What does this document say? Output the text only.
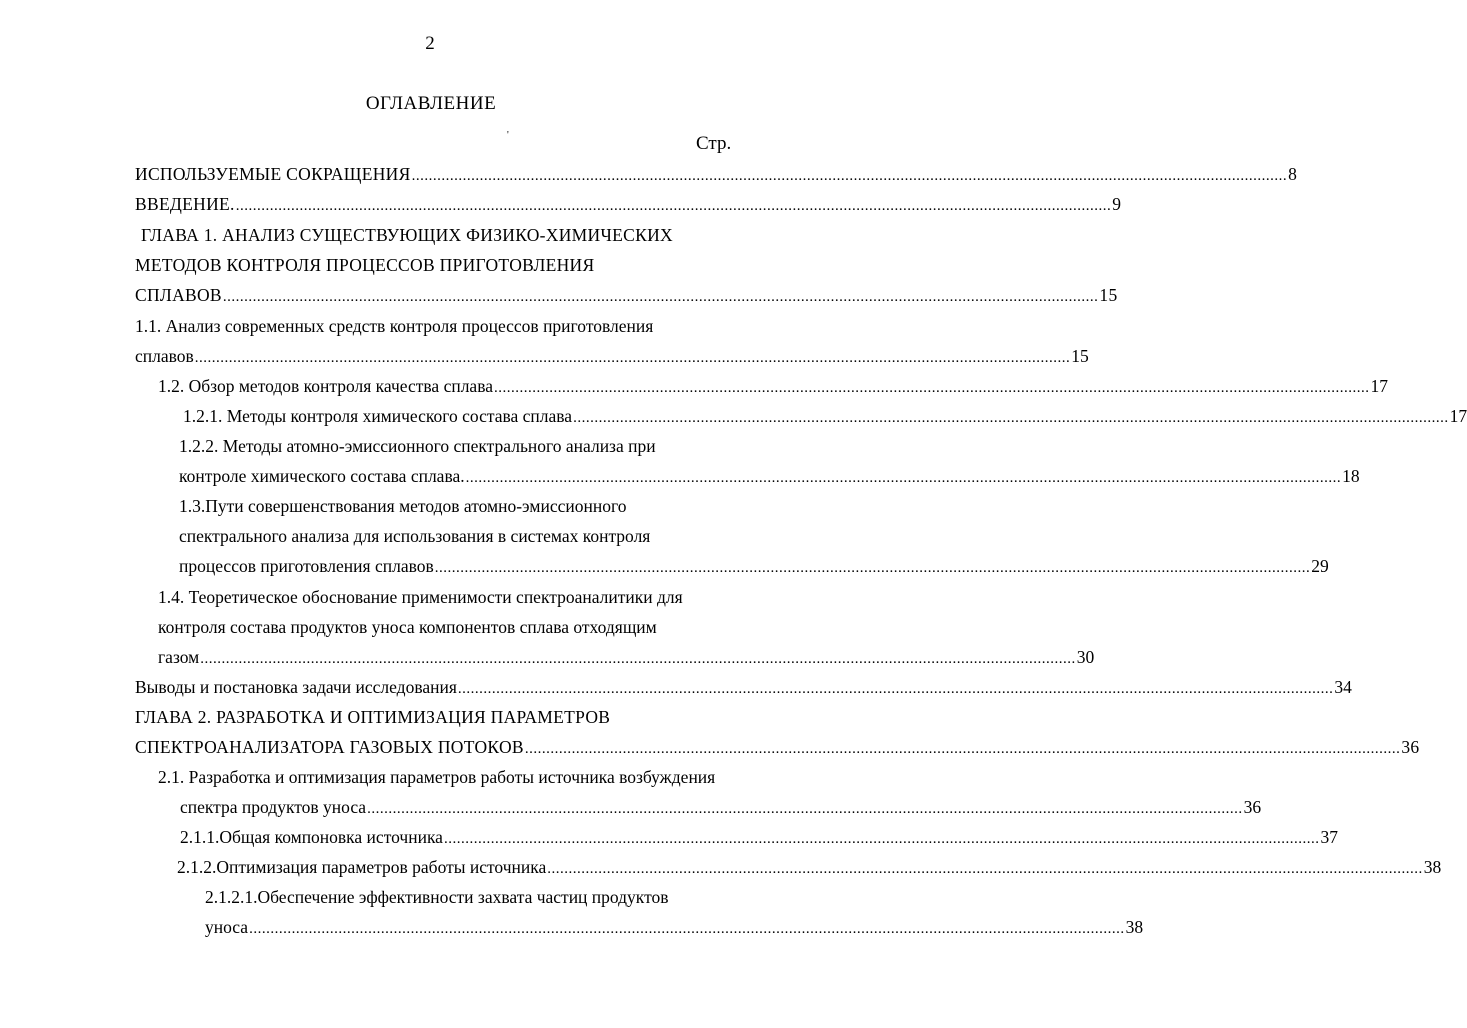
2
ОГЛАВЛЕНИЕ
'	Стр.
ИСПОЛЬЗУЕМЫЕ СОКРАЩЕНИЯ .............................................................................................................................................................................................................. 8
ВВЕДЕНИЕ. .............................................................................................................................................................................................................. 9
ГЛАВА 1. АНАЛИЗ СУЩЕСТВУЮЩИХ ФИЗИКО-ХИМИЧЕСКИХ
МЕТОДОВ КОНТРОЛЯ ПРОЦЕССОВ ПРИГОТОВЛЕНИЯ
СПЛАВОВ .............................................................................................................................................................................................................. 15
1.1. Анализ современных средств контроля процессов приготовления
сплавов .............................................................................................................................................................................................................. 15
1.2. Обзор методов контроля качества сплава .............................................................................................................................................................................................................. 17
1.2.1. Методы контроля химического состава сплава .............................................................................................................................................................................................................. 17
1.2.2. Методы атомно-эмиссионного спектрального анализа при
контроле химического состава сплава. .............................................................................................................................................................................................................. 18
1.3.Пути совершенствования методов атомно-эмиссионного
спектрального анализа для использования в системах контроля
процессов приготовления сплавов .............................................................................................................................................................................................................. 29
1.4. Теоретическое обоснование применимости спектроаналитики для
контроля состава продуктов уноса компонентов сплава отходящим
газом .............................................................................................................................................................................................................. 30
Выводы и постановка задачи исследования .............................................................................................................................................................................................................. 34
ГЛАВА 2. РАЗРАБОТКА И ОПТИМИЗАЦИЯ ПАРАМЕТРОВ
СПЕКТРОАНАЛИЗАТОРА ГАЗОВЫХ ПОТОКОВ .............................................................................................................................................................................................................. 36
2.1. Разработка и оптимизация параметров работы источника возбуждения
спектра продуктов уноса .............................................................................................................................................................................................................. 36
2.1.1.Общая компоновка источника .............................................................................................................................................................................................................. 37
2.1.2.Оптимизация параметров работы источника .............................................................................................................................................................................................................. 38
2.1.2.1.Обеспечение эффективности захвата частиц продуктов
уноса .............................................................................................................................................................................................................. 38
